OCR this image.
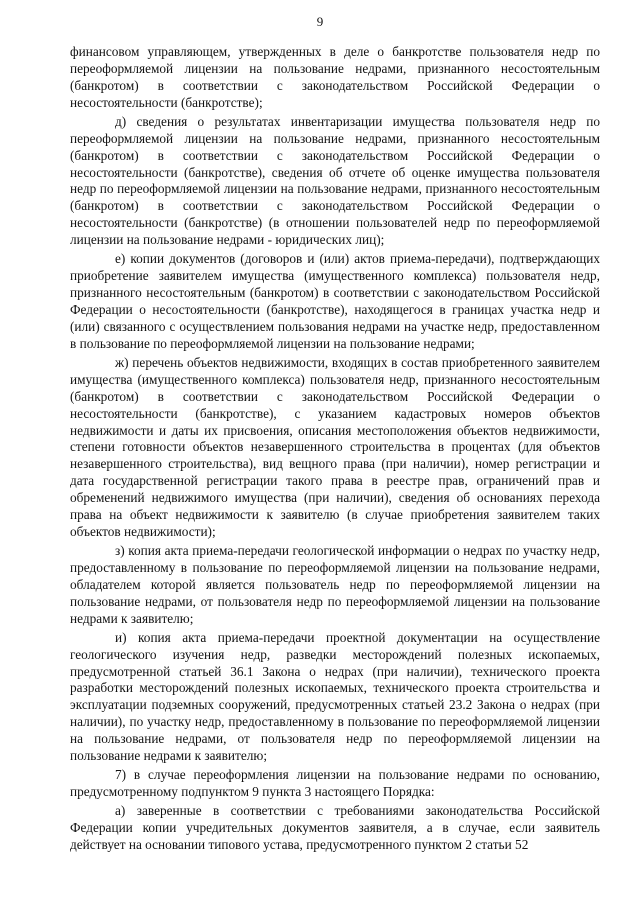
9

финансовом управляющем, утвержденных в деле о банкротстве пользователя недр по переоформляемой лицензии на пользование недрами, признанного несостоятельным (банкротом) в соответствии с законодательством Российской Федерации о несостоятельности (банкротстве);

д) сведения о результатах инвентаризации имущества пользователя недр по переоформляемой лицензии на пользование недрами, признанного несостоятельным (банкротом) в соответствии с законодательством Российской Федерации о несостоятельности (банкротстве), сведения об отчете об оценке имущества пользователя недр по переоформляемой лицензии на пользование недрами, признанного несостоятельным (банкротом) в соответствии с законодательством Российской Федерации о несостоятельности (банкротстве) (в отношении пользователей недр по переоформляемой лицензии на пользование недрами - юридических лиц);

е) копии документов (договоров и (или) актов приема-передачи), подтверждающих приобретение заявителем имущества (имущественного комплекса) пользователя недр, признанного несостоятельным (банкротом) в соответствии с законодательством Российской Федерации о несостоятельности (банкротстве), находящегося в границах участка недр и (или) связанного с осуществлением пользования недрами на участке недр, предоставленном в пользование по переоформляемой лицензии на пользование недрами;

ж) перечень объектов недвижимости, входящих в состав приобретенного заявителем имущества (имущественного комплекса) пользователя недр, признанного несостоятельным (банкротом) в соответствии с законодательством Российской Федерации о несостоятельности (банкротстве), с указанием кадастровых номеров объектов недвижимости и даты их присвоения, описания местоположения объектов недвижимости, степени готовности объектов незавершенного строительства в процентах (для объектов незавершенного строительства), вид вещного права (при наличии), номер регистрации и дата государственной регистрации такого права в реестре прав, ограничений прав и обременений недвижимого имущества (при наличии), сведения об основаниях перехода права на объект недвижимости к заявителю (в случае приобретения заявителем таких объектов недвижимости);

з) копия акта приема-передачи геологической информации о недрах по участку недр, предоставленному в пользование по переоформляемой лицензии на пользование недрами, обладателем которой является пользователь недр по переоформляемой лицензии на пользование недрами, от пользователя недр по переоформляемой лицензии на пользование недрами к заявителю;

и) копия акта приема-передачи проектной документации на осуществление геологического изучения недр, разведки месторождений полезных ископаемых, предусмотренной статьей 36.1 Закона о недрах (при наличии), технического проекта разработки месторождений полезных ископаемых, технического проекта строительства и эксплуатации подземных сооружений, предусмотренных статьей 23.2 Закона о недрах (при наличии), по участку недр, предоставленному в пользование по переоформляемой лицензии на пользование недрами, от пользователя недр по переоформляемой лицензии на пользование недрами к заявителю;

7) в случае переоформления лицензии на пользование недрами по основанию, предусмотренному подпунктом 9 пункта 3 настоящего Порядка:

а) заверенные в соответствии с требованиями законодательства Российской Федерации копии учредительных документов заявителя, а в случае, если заявитель действует на основании типового устава, предусмотренного пунктом 2 статьи 52
